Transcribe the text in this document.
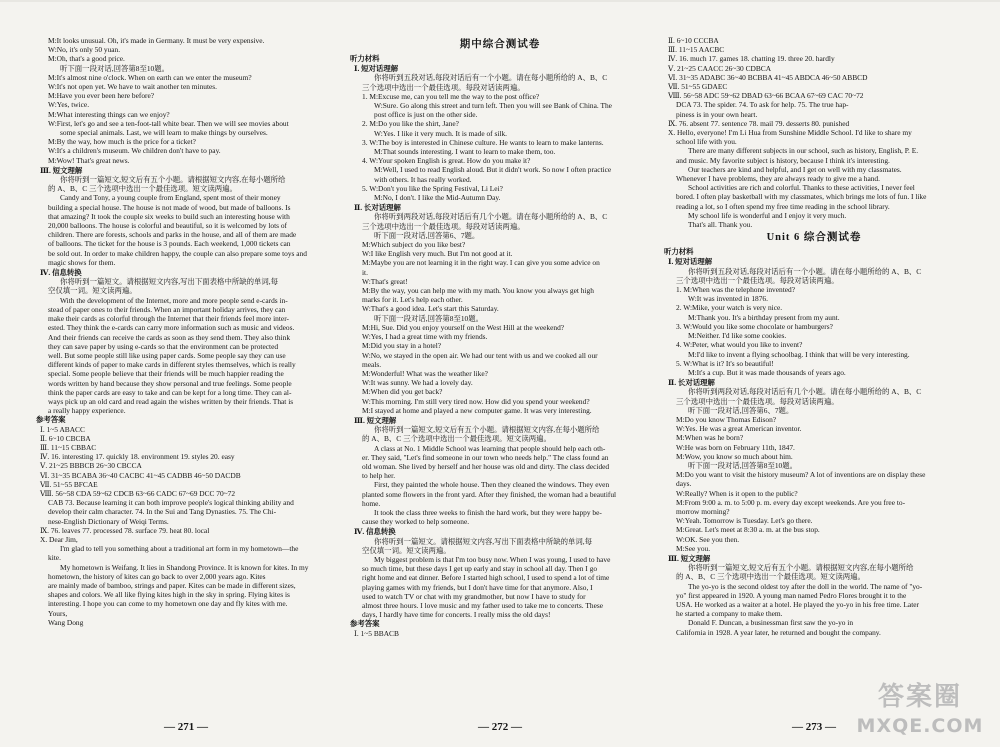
M:It looks unusual. Oh, it's made in Germany. It must be very expensive.
W:No, it's only 50 yuan.
M:Oh, that's a good price.
听下面一段对话,回答第8至10题。
M:It's almost nine o'clock. When on earth can we enter the museum?
W:It's not open yet. We have to wait another ten minutes.
M:Have you ever been here before?
W:Yes, twice.
M:What interesting things can we enjoy?
W:First, let's go and see a ten-foot-tall white bear. Then we will see movies about
some special animals. Last, we will learn to make things by ourselves.
M:By the way, how much is the price for a ticket?
W:It's a children's museum. We children don't have to pay.
M:Wow! That's great news.
Ⅲ. 短文理解
你将听到一篇短文,短文后有五个小题。请根据短文内容,在每小题所给
的 A、B、C 三个选项中选出一个最佳选项。短文读两遍。
Candy and Tony, a young couple from England, spent most of their money
building a special house. The house is not made of wood, but made of balloons. Is
that amazing? It took the couple six weeks to build such an interesting house with
20,000 balloons. The house is colorful and beautiful, so it is welcomed by lots of
children. There are forests, schools and parks in the house, and all of them are made
of balloons. The ticket for the house is 3 pounds. Each weekend, 1,000 tickets can
be sold out. In order to make children happy, the couple can also prepare some toys and
magic shows for them.
Ⅳ. 信息转换
你将听到一篇短文。请根据短文内容,写出下面表格中所缺的单词,每
空仅填一词。短文读两遍。
With the development of the Internet, more and more people send e-cards in-
stead of paper ones to their friends. When an important holiday arrives, they can
make their cards as colorful through the Internet that their friends feel more inter-
ested. They think the e-cards can carry more information such as music and videos.
And their friends can receive the cards as soon as they send them. They also think
they can save paper by using e-cards so that the environment can be protected
well. But some people still like using paper cards. Some people say they can use
different kinds of paper to make cards in different styles themselves, which is really
special. Some people believe that their friends will be much happier reading the
words written by hand because they show personal and true feelings. Some people
think the paper cards are easy to take and can be kept for a long time. They can al-
ways pick up an old card and read again the wishes written by their friends. That is
a really happy experience.
参考答案
Ⅰ. 1~5 ABACC
Ⅱ. 6~10 CBCBA
Ⅲ. 11~15 CBBAC
Ⅳ. 16. interesting 17. quickly 18. environment 19. styles 20. easy
Ⅴ. 21~25 BBBCB 26~30 CBCCA
Ⅵ. 31~35 BCABA 36~40 CACBC 41~45 CADBB 46~50 DACDB
Ⅶ. 51~55 BFCAE
Ⅷ. 56~58 CDA 59~62 CDCB 63~66 CADC 67~69 DCC 70~72
CAB 73. Because learning it can both improve people's logical thinking ability and
develop their calm character. 74. In the Sui and Tang Dynasties. 75. The Chi-
nese-English Dictionary of Weiqi Terms.
Ⅸ. 76. leaves 77. processed 78. surface 79. heat 80. local
X. Dear Jim,
I'm glad to tell you something about a traditional art form in my hometown—the
kite.
My hometown is Weifang. It lies in Shandong Province. It is known for kites. In my
hometown, the history of kites can go back to over 2,000 years ago. Kites
are mainly made of bamboo, strings and paper. Kites can be made in different sizes,
shapes and colors. We all like flying kites high in the sky in spring. Flying kites is
interesting. I hope you can come to my hometown one day and fly kites with me.
Yours,
Wang Dong
期中综合测试卷
听力材料
Ⅰ. 短对话理解
你将听到五段对话,每段对话后有一个小题。请在每小题所给的 A、B、C
三个选项中选出一个最佳选项。每段对话读两遍。
1. M:Excuse me, can you tell me the way to the post office?
W:Sure. Go along this street and turn left. Then you will see Bank of China. The
post office is just on the other side.
2. M:Do you like the shirt, Jane?
W:Yes. I like it very much. It is made of silk.
3. W:The boy is interested in Chinese culture. He wants to learn to make lanterns.
M:That sounds interesting. I want to learn to make them, too.
4. W:Your spoken English is great. How do you make it?
M:Well, I used to read English aloud. But it didn't work. So now I often practice
with others. It has really worked.
5. W:Don't you like the Spring Festival, Li Lei?
M:No, I don't. I like the Mid-Autumn Day.
Ⅱ. 长对话理解
你将听到两段对话,每段对话后有几个小题。请在每小题所给的 A、B、C
三个选项中选出一个最佳选项。每段对话读两遍。
听下面一段对话,回答第6、7题。
M:Which subject do you like best?
W:I like English very much. But I'm not good at it.
M:Maybe you are not learning it in the right way. I can give you some advice on
it.
W:That's great!
M:By the way, you can help me with my math. You know you always get high
marks for it. Let's help each other.
W:That's a good idea. Let's start this Saturday.
听下面一段对话,回答第8至10题。
M:Hi, Sue. Did you enjoy yourself on the West Hill at the weekend?
W:Yes, I had a great time with my friends.
M:Did you stay in a hotel?
W:No, we stayed in the open air. We had our tent with us and we cooked all our
meals.
M:Wonderful! What was the weather like?
W:It was sunny. We had a lovely day.
M:When did you get back?
W:This morning. I'm still very tired now. How did you spend your weekend?
M:I stayed at home and played a new computer game. It was very interesting.
Ⅲ. 短文理解
你将听到一篇短文,短文后有五个小题。请根据短文内容,在每小题所给
的 A、B、C 三个选项中选出一个最佳选项。短文读两遍。
A class at No. 1 Middle School was learning that people should help each oth-
er. They said, "Let's find someone in our town who needs help." The class found an
old woman. She lived by herself and her house was old and dirty. The class decided
to help her.
First, they painted the whole house. Then they cleaned the windows. They even
planted some flowers in the front yard. After they finished, the woman had a beautiful
home.
It took the class three weeks to finish the hard work, but they were happy be-
cause they worked to help someone.
Ⅳ. 信息转换
你将听到一篇短文。请根据短文内容,写出下面表格中所缺的单词,每
空仅填一词。短文读两遍。
My biggest problem is that I'm too busy now. When I was young, I used to have
so much time, but these days I get up early and stay in school all day. Then I go
right home and eat dinner. Before I started high school, I used to spend a lot of time
playing games with my friends, but I don't have time for that anymore. Also, I
used to watch TV or chat with my grandmother, but now I have to study for
almost three hours. I love music and my father used to take me to concerts. These
days, I hardly have time for concerts. I really miss the old days!
参考答案
Ⅰ. 1~5 BBACB
Ⅱ. 6~10 CCCBA
Ⅲ. 11~15 AACBC
Ⅳ. 16. much 17. games 18. chatting 19. three 20. hardly
Ⅴ. 21~25 CAACC 26~30 CDBCA
Ⅵ. 31~35 ADABC 36~40 BCBBA 41~45 ABDCA 46~50 ABBCD
Ⅶ. 51~55 GDAEC
Ⅷ. 56~58 ADC 59~62 DBAD 63~66 BCAA 67~69 CAC 70~72
DCA 73. The spider. 74. To ask for help. 75. The true hap-
piness is in your own heart.
Ⅸ. 76. absent 77. sentence 78. mail 79. desserts 80. punished
X. Hello, everyone! I'm Li Hua from Sunshine Middle School. I'd like to share my
school life with you.
There are many different subjects in our school, such as history, English, P. E.
and music. My favorite subject is history, because I think it's interesting.
Our teachers are kind and helpful, and I get on well with my classmates.
Whenever I have problems, they are always ready to give me a hand.
School activities are rich and colorful. Thanks to these activities, I never feel
bored. I often play basketball with my classmates, which brings me lots of fun. I like
reading a lot, so I often spend my free time reading in the school library.
My school life is wonderful and I enjoy it very much.
That's all. Thank you.
Unit 6 综合测试卷
听力材料
Ⅰ. 短对话理解
你将听到五段对话,每段对话后有一个小题。请在每小题所给的 A、B、C
三个选项中选出一个最佳选项。每段对话读两遍。
1. M:When was the telephone invented?
W:It was invented in 1876.
2. W:Mike, your watch is very nice.
M:Thank you. It's a birthday present from my aunt.
3. W:Would you like some chocolate or hamburgers?
M:Neither. I'd like some cookies.
4. W:Peter, what would you like to invent?
M:I'd like to invent a flying schoolbag. I think that will be very interesting.
5. W:What is it? It's so beautiful!
M:It's a cup. But it was made thousands of years ago.
Ⅱ. 长对话理解
你将听到两段对话,每段对话后有几个小题。请在每小题所给的 A、B、C
三个选项中选出一个最佳选项。每段对话读两遍。
听下面一段对话,回答第6、7题。
M:Do you know Thomas Edison?
W:Yes. He was a great American inventor.
M:When was he born?
W:He was born on February 11th, 1847.
M:Wow, you know so much about him.
听下面一段对话,回答第8至10题。
M:Do you want to visit the history museum? A lot of inventions are on display these
days.
W:Really? When is it open to the public?
M:From 9:00 a. m. to 5:00 p. m. every day except weekends. Are you free to-
morrow morning?
W:Yeah. Tomorrow is Tuesday. Let's go there.
M:Great. Let's meet at 8:30 a. m. at the bus stop.
W:OK. See you then.
M:See you.
Ⅲ. 短文理解
你将听到一篇短文,短文后有五个小题。请根据短文内容,在每小题所给
的 A、B、C 三个选项中选出一个最佳选项。短文读两遍。
The yo-yo is the second oldest toy after the doll in the world. The name of "yo-
yo" first appeared in 1920. A young man named Pedro Flores brought it to the
USA. He worked as a waiter at a hotel. He played the yo-yo in his free time. Later
he started a company to make them.
Donald F. Duncan, a businessman first saw the yo-yo in
California in 1928. A year later, he returned and bought the company.
— 271 —	— 272 —	— 273 —
答案圈
MXQE.COM
